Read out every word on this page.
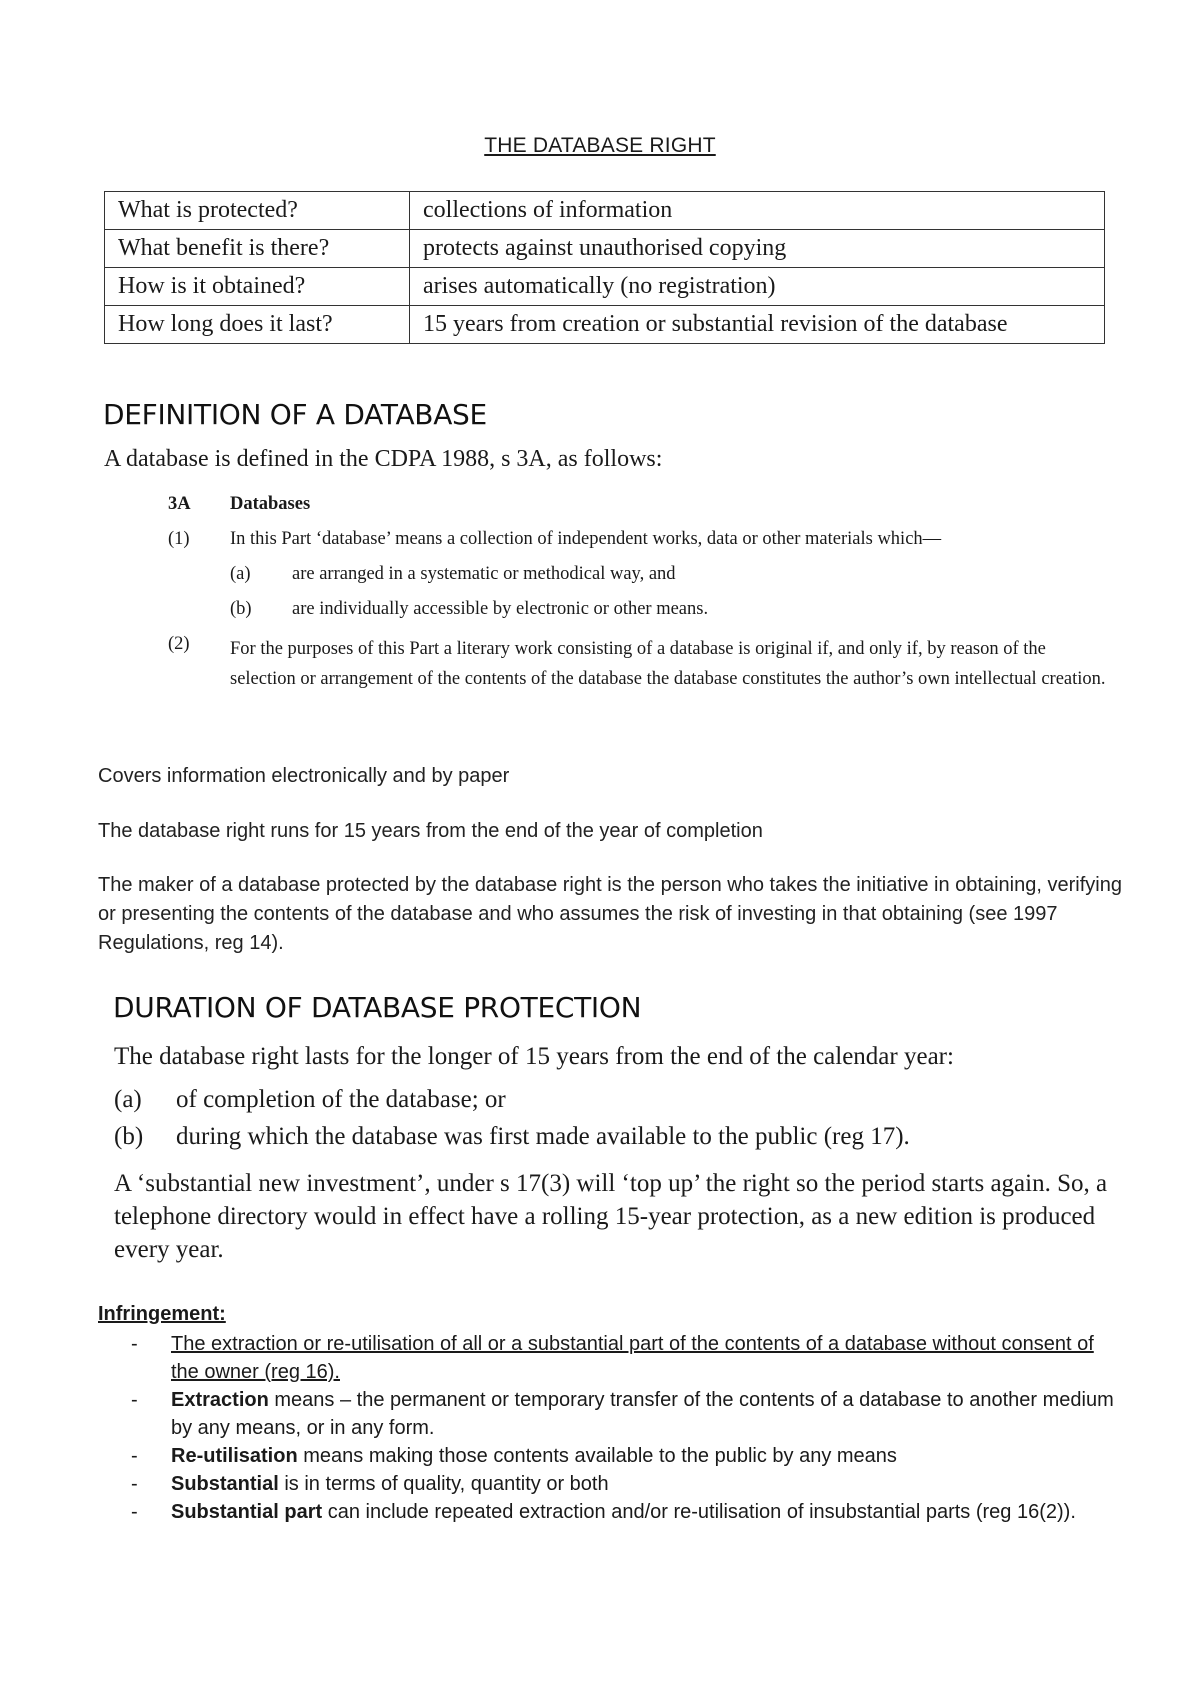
THE DATABASE RIGHT
What is protected?	collections of information
What benefit is there?	protects against unauthorised copying
How is it obtained?	arises automatically (no registration)
How long does it last?	15 years from creation or substantial revision of the database
DEFINITION OF A DATABASE
A database is defined in the CDPA 1988, s 3A, as follows:
3A Databases
(1) In this Part ‘database’ means a collection of independent works, data or other materials which—
(a) are arranged in a systematic or methodical way, and
(b) are individually accessible by electronic or other means.
(2) For the purposes of this Part a literary work consisting of a database is original if, and only if, by reason of the selection or arrangement of the contents of the database the database constitutes the author’s own intellectual creation.
Covers information electronically and by paper
The database right runs for 15 years from the end of the year of completion
The maker of a database protected by the database right is the person who takes the initiative in obtaining, verifying or presenting the contents of the database and who assumes the risk of investing in that obtaining (see 1997 Regulations, reg 14).
DURATION OF DATABASE PROTECTION
The database right lasts for the longer of 15 years from the end of the calendar year:
(a) of completion of the database; or
(b) during which the database was first made available to the public (reg 17).
A ‘substantial new investment’, under s 17(3) will ‘top up’ the right so the period starts again. So, a telephone directory would in effect have a rolling 15-year protection, as a new edition is produced every year.
Infringement:
- The extraction or re-utilisation of all or a substantial part of the contents of a database without consent of the owner (reg 16).
- Extraction means – the permanent or temporary transfer of the contents of a database to another medium by any means, or in any form.
- Re-utilisation means making those contents available to the public by any means
- Substantial is in terms of quality, quantity or both
- Substantial part can include repeated extraction and/or re-utilisation of insubstantial parts (reg 16(2)).
